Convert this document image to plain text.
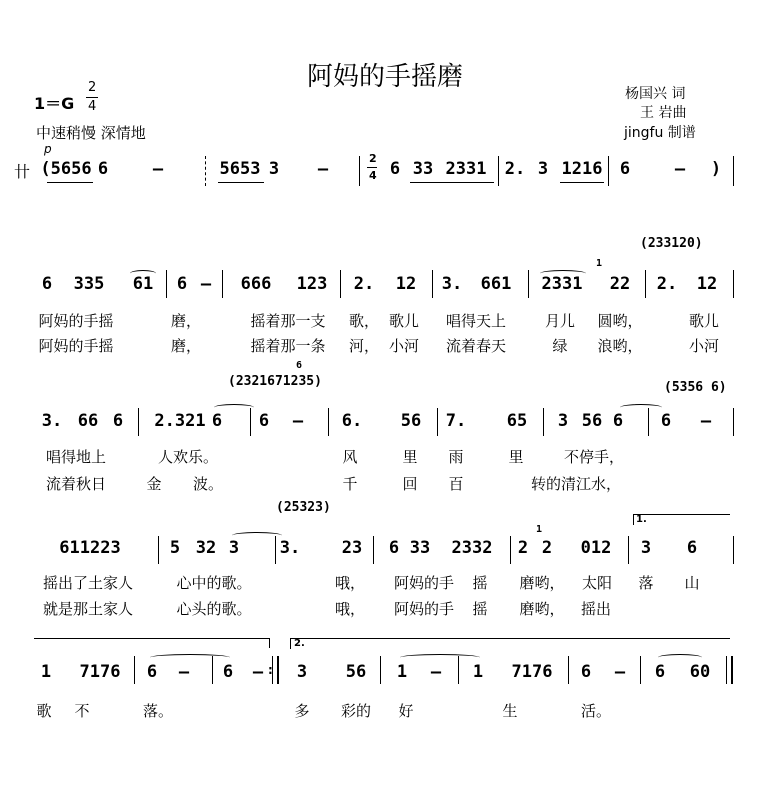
阿妈的手摇磨
1＝G
2
4
中速稍慢 深情地
杨国兴 词
王 岩曲
jingfu 制谱
p
卄 (5656 6	–	5653 3 –	6 33 2331 2. 3 1216 6	– )
2
4
(233120)
1
6 335 61 6 – 666 123 2. 12 3. 661 2331 22 2. 12
阿妈的手摇	磨，	摇着那一支 歌， 歌儿 唱得天上	月儿 圆哟，	歌儿
阿妈的手摇	磨，	摇着那一条 河， 小河 流着春天	绿 浪哟，	小河
(2321671235)
6
(5356 6)
3. 66 6 2.321 6 6 – 6. 56 7. 65 3 56 6 6 –
唱得地上	人欢乐。	风	里 雨	里	不停手，
流着秋日	金 波。	千	回 百	转的清江水，
(25323)
1
1.
611223	5 32 3 3. 23 6 33 2332 2 2 012 3 6
摇出了土家人	心中的歌。	哦， 阿妈的手 摇 磨哟， 太阳 落 山
就是那土家人	心头的歌。	哦， 阿妈的手 摇 磨哟， 摇出
2.
1 7176 6 – 6 – 3 56 1 – 1 7176 6 – 6 60
:
歌 不	落。	多 彩的 好	生	活。
